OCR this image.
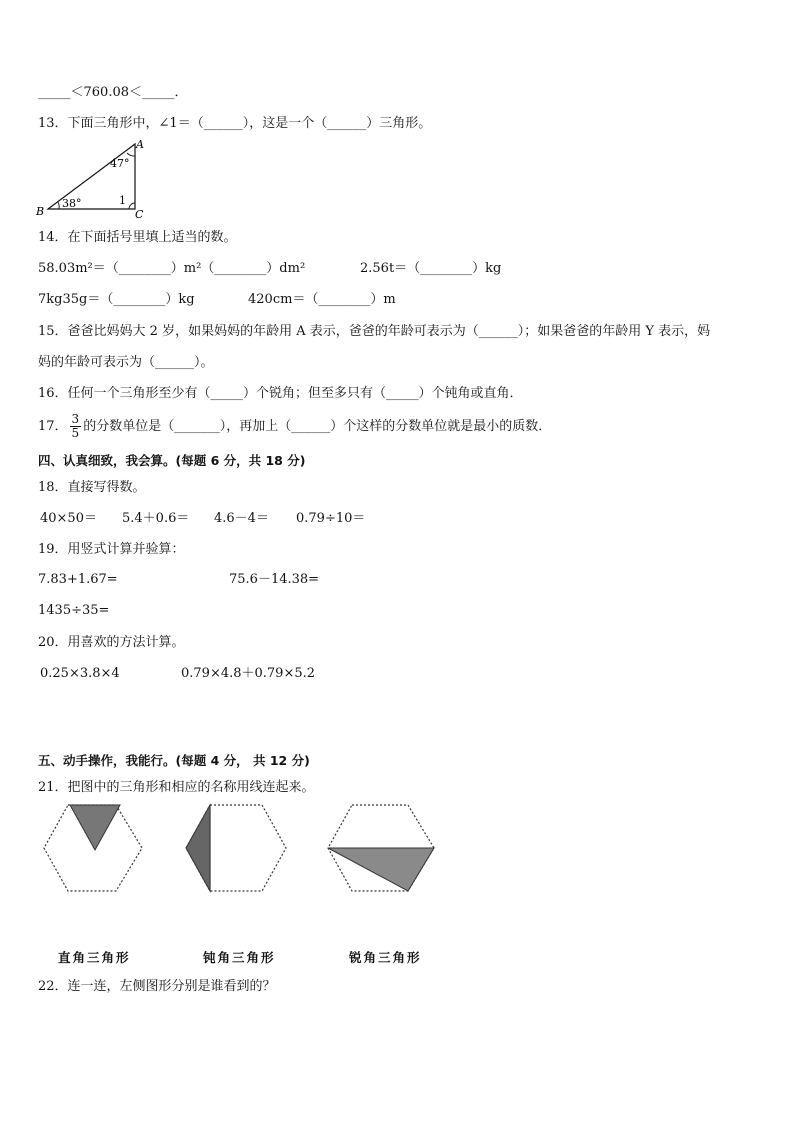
_____＜760.08＜_____．
13．下面三角形中，∠1＝（______），这是一个（______）三角形。
A
B	C
47°
38°	1
14．在下面括号里填上适当的数。
58.03m²＝（________）m²（________）dm²	2.56t＝（________）kg
7kg35g＝（________）kg	420cm＝（________）m
15．爸爸比妈妈大 2 岁，如果妈妈的年龄用 A 表示，爸爸的年龄可表示为（______）；如果爸爸的年龄用 Y 表示，妈
妈的年龄可表示为（______）。
16．任何一个三角形至少有（_____）个锐角；但至多只有（_____）个钝角或直角．
17． $\frac{3}{5}$ 的分数单位是（_______），再加上（______）个这样的分数单位就是最小的质数．
四、认真细致，我会算。(每题 6 分，共 18 分)
18．直接写得数。
40×50＝ 5.4＋0.6＝ 4.6－4＝ 0.79÷10＝
19．用竖式计算并验算：
7.83+1.67=	75.6－14.38=
1435÷35=
20．用喜欢的方法计算。
0.25×3.8×4	0.79×4.8＋0.79×5.2
五、动手操作，我能行。(每题 4 分， 共 12 分)
21．把图中的三角形和相应的名称用线连起来。
直角三角形	钝角三角形	锐角三角形
22．连一连，左侧图形分别是谁看到的？
